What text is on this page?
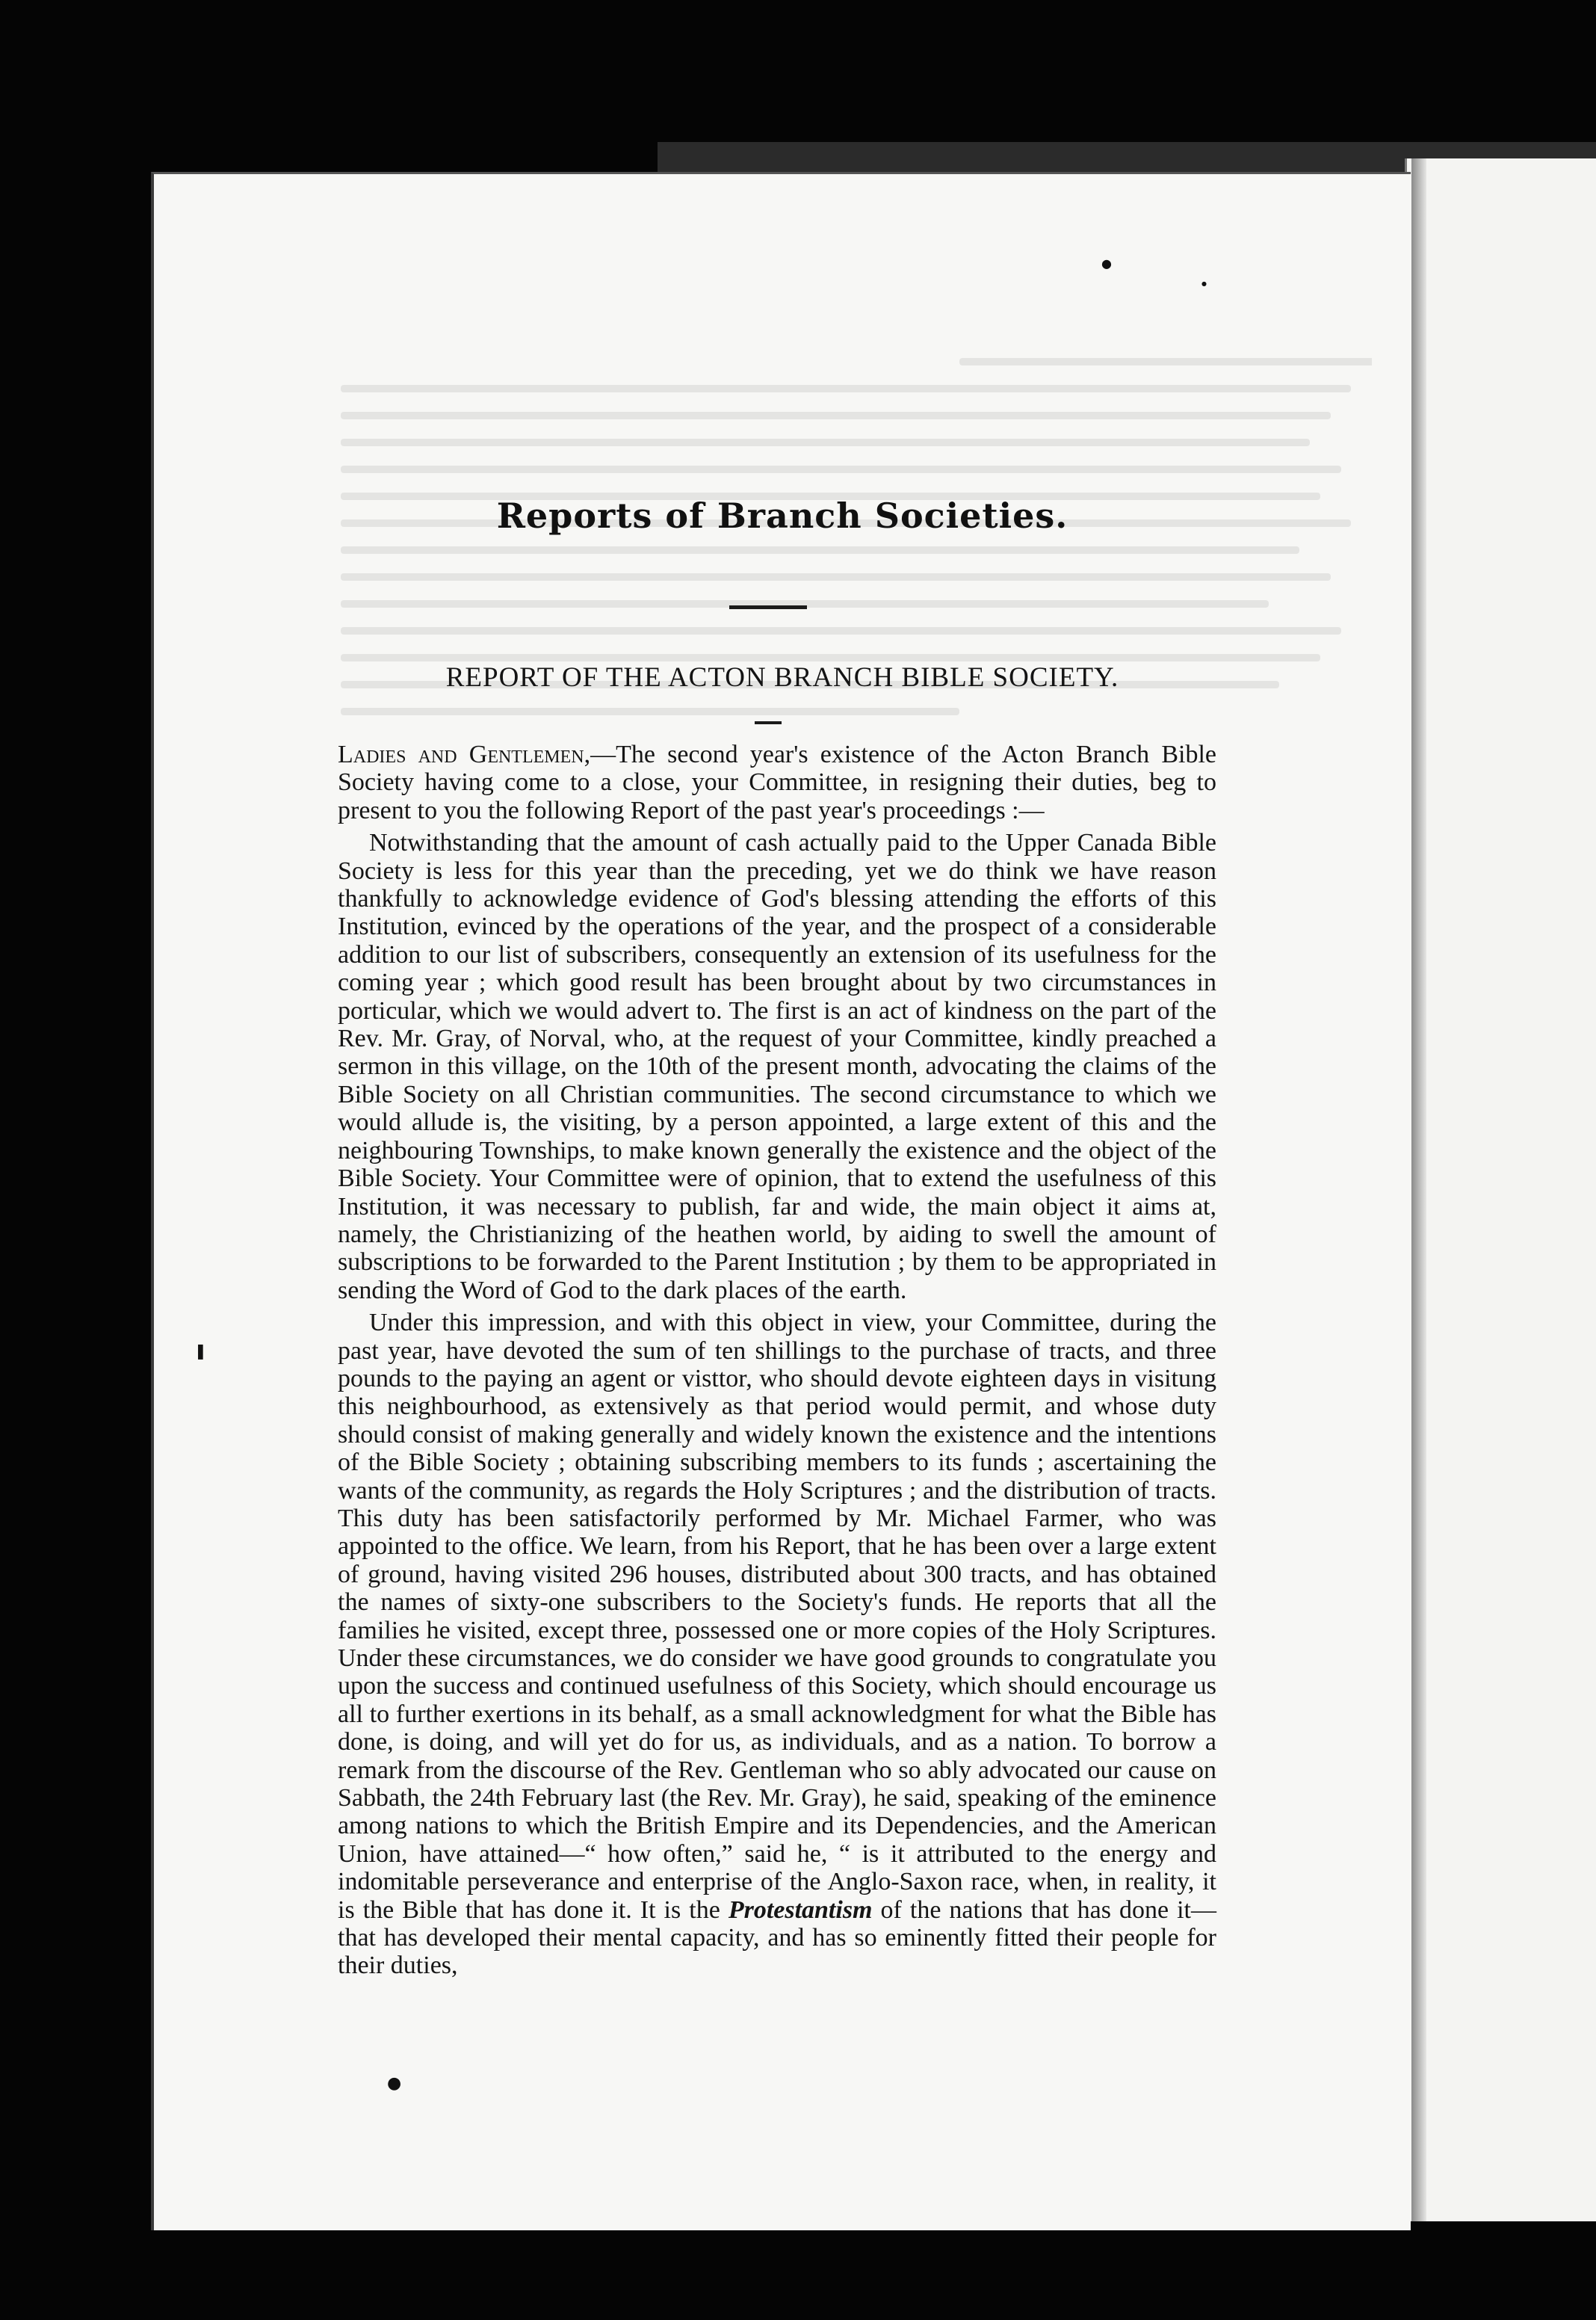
Reports of Branch Societies.
REPORT OF THE ACTON BRANCH BIBLE SOCIETY.

Ladies and Gentlemen,—The second year's existence of the Acton Branch Bible Society having come to a close, your Committee, in resigning their duties, beg to present to you the following Report of the past year's proceedings :—

Notwithstanding that the amount of cash actually paid to the Upper Canada Bible Society is less for this year than the preceding, yet we do think we have reason thankfully to acknowledge evidence of God's blessing attending the efforts of this Institution, evinced by the operations of the year, and the prospect of a considerable addition to our list of subscribers, consequently an extension of its usefulness for the coming year ; which good result has been brought about by two circumstances in porticular, which we would advert to. The first is an act of kindness on the part of the Rev. Mr. Gray, of Norval, who, at the request of your Committee, kindly preached a sermon in this village, on the 10th of the present month, advocating the claims of the Bible Society on all Christian communities. The second circumstance to which we would allude is, the visiting, by a person appointed, a large extent of this and the neighbouring Townships, to make known generally the existence and the object of the Bible Society. Your Committee were of opinion, that to extend the usefulness of this Institution, it was necessary to publish, far and wide, the main object it aims at, namely, the Christianizing of the heathen world, by aiding to swell the amount of subscriptions to be forwarded to the Parent Institution ; by them to be appropriated in sending the Word of God to the dark places of the earth.

Under this impression, and with this object in view, your Committee, during the past year, have devoted the sum of ten shillings to the purchase of tracts, and three pounds to the paying an agent or visttor, who should devote eighteen days in visitung this neighbourhood, as extensively as that period would permit, and whose duty should consist of making generally and widely known the existence and the intentions of the Bible Society ; obtaining subscribing members to its funds ; ascertaining the wants of the community, as regards the Holy Scriptures ; and the distribution of tracts. This duty has been satisfactorily performed by Mr. Michael Farmer, who was appointed to the office. We learn, from his Report, that he has been over a large extent of ground, having visited 296 houses, distributed about 300 tracts, and has obtained the names of sixty-one subscribers to the Society's funds. He reports that all the families he visited, except three, possessed one or more copies of the Holy Scriptures. Under these circumstances, we do consider we have good grounds to congratulate you upon the success and continued usefulness of this Society, which should encourage us all to further exertions in its behalf, as a small acknowledgment for what the Bible has done, is doing, and will yet do for us, as individuals, and as a nation. To borrow a remark from the discourse of the Rev. Gentleman who so ably advocated our cause on Sabbath, the 24th February last (the Rev. Mr. Gray), he said, speaking of the eminence among nations to which the British Empire and its Dependencies, and the American Union, have attained—“ how often,” said he, “ is it attributed to the energy and indomitable perseverance and enterprise of the Anglo-Saxon race, when, in reality, it is the Bible that has done it. It is the Protestantism of the nations that has done it—that has developed their mental capacity, and has so eminently fitted their people for their duties,

●
●
❚
●
